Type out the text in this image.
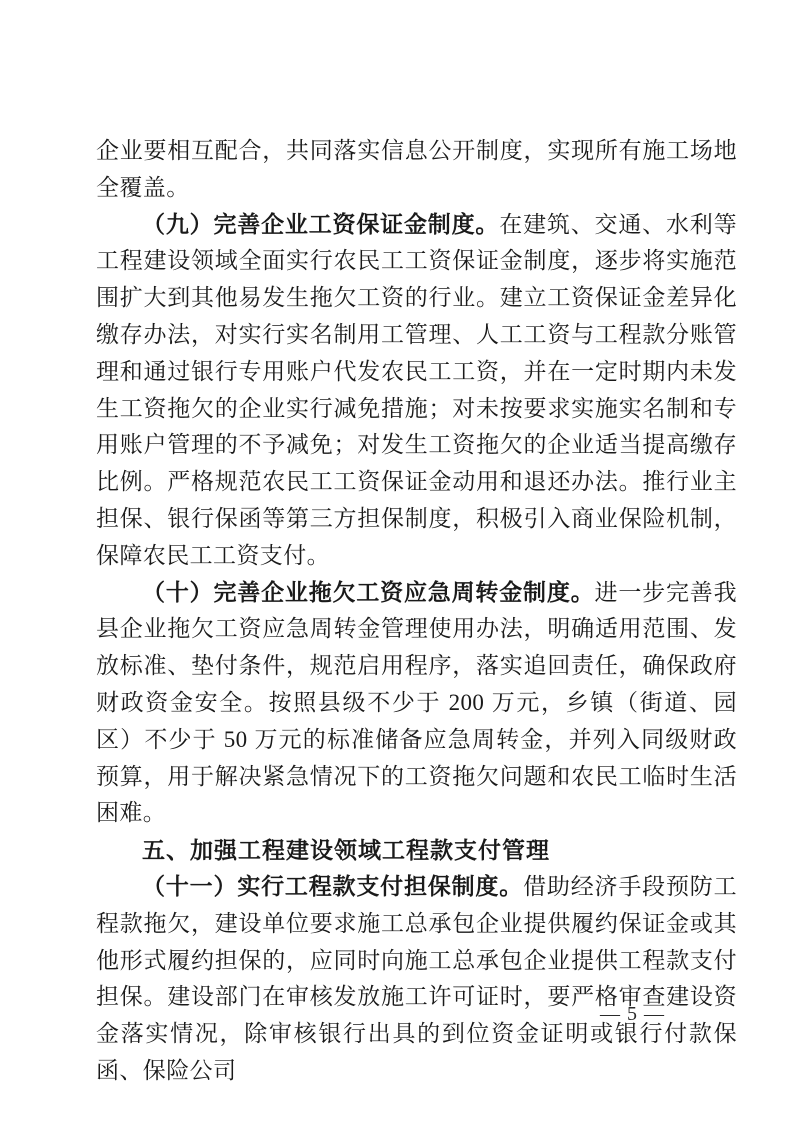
企业要相互配合，共同落实信息公开制度，实现所有施工场地全覆盖。

（九）完善企业工资保证金制度。在建筑、交通、水利等工程建设领域全面实行农民工工资保证金制度，逐步将实施范围扩大到其他易发生拖欠工资的行业。建立工资保证金差异化缴存办法，对实行实名制用工管理、人工工资与工程款分账管理和通过银行专用账户代发农民工工资，并在一定时期内未发生工资拖欠的企业实行减免措施；对未按要求实施实名制和专用账户管理的不予减免；对发生工资拖欠的企业适当提高缴存比例。严格规范农民工工资保证金动用和退还办法。推行业主担保、银行保函等第三方担保制度，积极引入商业保险机制，保障农民工工资支付。

（十）完善企业拖欠工资应急周转金制度。进一步完善我县企业拖欠工资应急周转金管理使用办法，明确适用范围、发放标准、垫付条件，规范启用程序，落实追回责任，确保政府财政资金安全。按照县级不少于 200 万元，乡镇（街道、园区）不少于 50 万元的标准储备应急周转金，并列入同级财政预算，用于解决紧急情况下的工资拖欠问题和农民工临时生活困难。

五、加强工程建设领域工程款支付管理

（十一）实行工程款支付担保制度。借助经济手段预防工程款拖欠，建设单位要求施工总承包企业提供履约保证金或其他形式履约担保的，应同时向施工总承包企业提供工程款支付担保。建设部门在审核发放施工许可证时，要严格审查建设资金落实情况，除审核银行出具的到位资金证明或银行付款保函、保险公司

— 5 —
